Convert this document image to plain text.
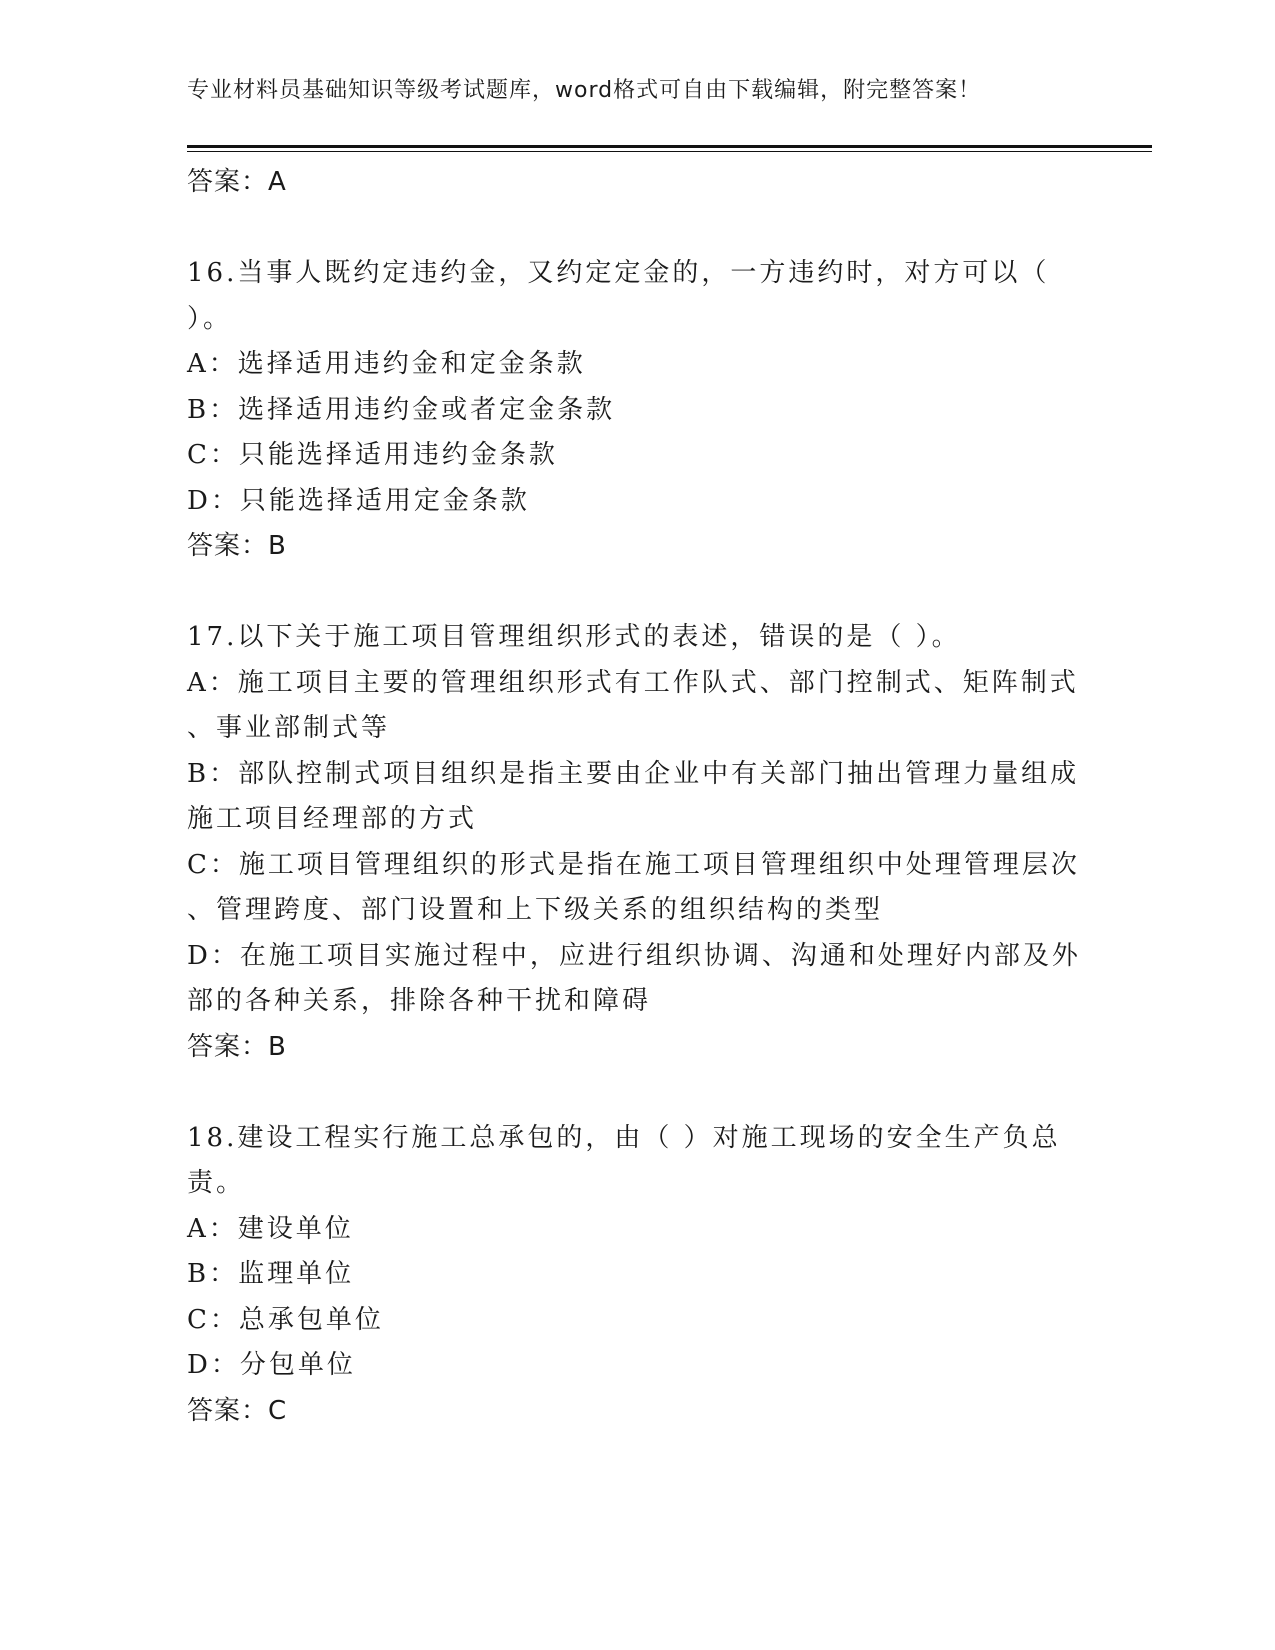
专业材料员基础知识等级考试题库，word格式可自由下载编辑，附完整答案！
答案：A
16.当事人既约定违约金，又约定定金的，一方违约时，对方可以（
）。
A：选择适用违约金和定金条款
B：选择适用违约金或者定金条款
C：只能选择适用违约金条款
D：只能选择适用定金条款
答案：B
17.以下关于施工项目管理组织形式的表述，错误的是（ ）。
A：施工项目主要的管理组织形式有工作队式、部门控制式、矩阵制式
、事业部制式等
B：部队控制式项目组织是指主要由企业中有关部门抽出管理力量组成
施工项目经理部的方式
C：施工项目管理组织的形式是指在施工项目管理组织中处理管理层次
、管理跨度、部门设置和上下级关系的组织结构的类型
D：在施工项目实施过程中，应进行组织协调、沟通和处理好内部及外
部的各种关系，排除各种干扰和障碍
答案：B
18.建设工程实行施工总承包的，由（ ）对施工现场的安全生产负总
责。
A：建设单位
B：监理单位
C：总承包单位
D：分包单位
答案：C
